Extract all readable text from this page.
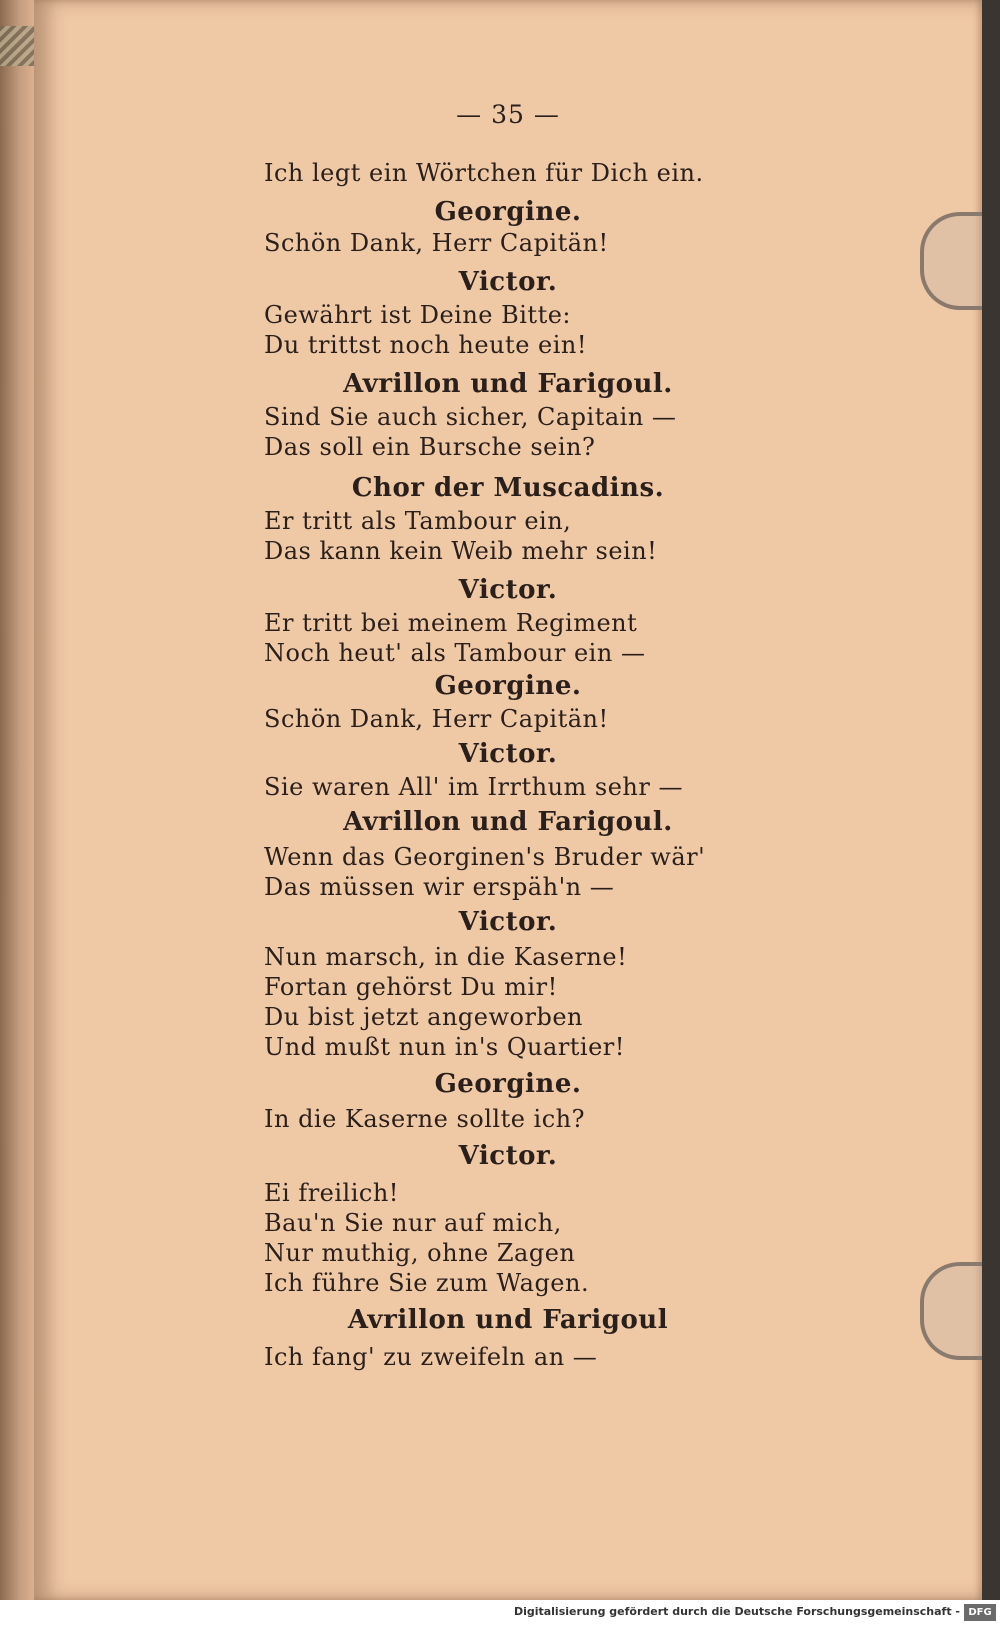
— 35 —
Ich legt ein Wörtchen für Dich ein.
Georgine.
Schön Dank, Herr Capitän!
Victor.
Gewährt ist Deine Bitte:
Du trittst noch heute ein!
Avrillon und Farigoul.
Sind Sie auch sicher, Capitain —
Das soll ein Bursche sein?
Chor der Muscadins.
Er tritt als Tambour ein,
Das kann kein Weib mehr sein!
Victor.
Er tritt bei meinem Regiment
Noch heut' als Tambour ein —
Georgine.
Schön Dank, Herr Capitän!
Victor.
Sie waren All' im Irrthum sehr —
Avrillon und Farigoul.
Wenn das Georginen's Bruder wär'
Das müssen wir erspäh'n —
Victor.
Nun marsch, in die Kaserne!
Fortan gehörst Du mir!
Du bist jetzt angeworben
Und mußt nun in's Quartier!
Georgine.
In die Kaserne sollte ich?
Victor.
Ei freilich!
Bau'n Sie nur auf mich,
Nur muthig, ohne Zagen
Ich führe Sie zum Wagen.
Avrillon und Farigoul
Ich fang' zu zweifeln an —
Digitalisierung gefördert durch die Deutsche Forschungsgemeinschaft - DFG
